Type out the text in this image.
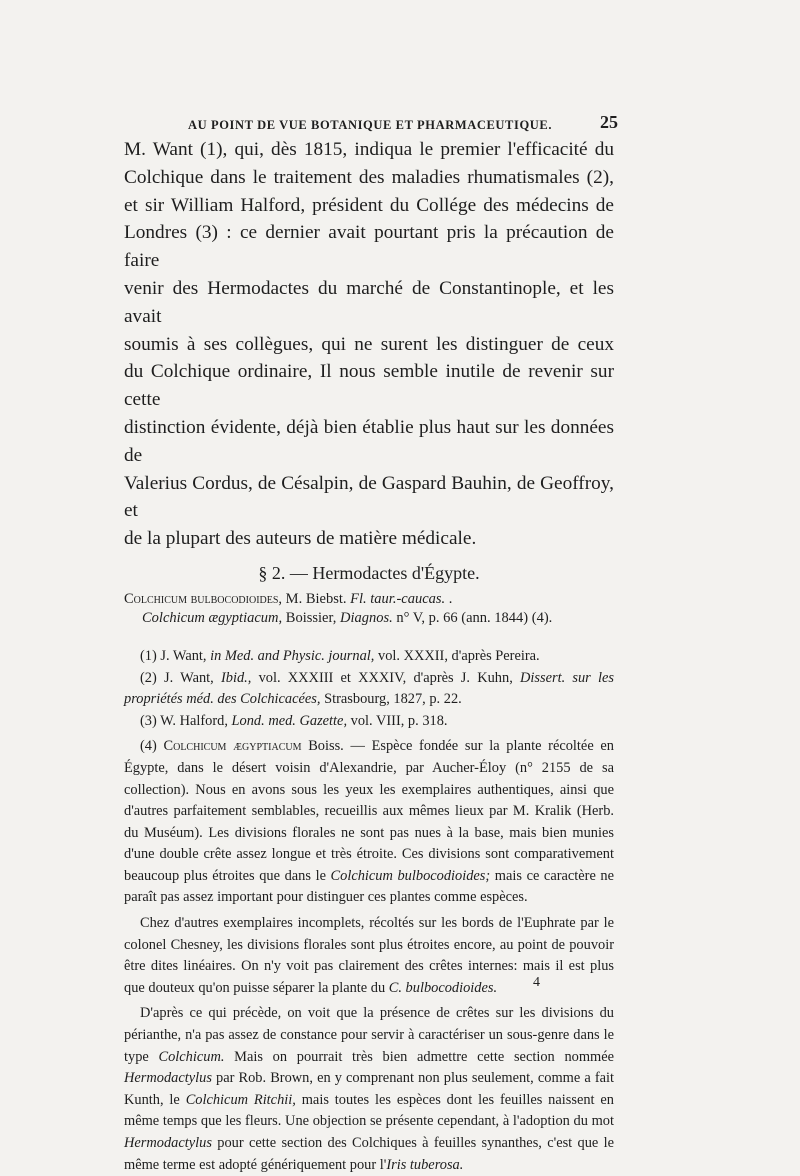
AU POINT DE VUE BOTANIQUE ET PHARMACEUTIQUE.	25

M. Want (1), qui, dès 1815, indiqua le premier l'efficacité du

Colchique dans le traitement des maladies rhumatismales (2),

et sir William Halford, président du Collége des médecins de

Londres (3) : ce dernier avait pourtant pris la précaution de faire

venir des Hermodactes du marché de Constantinople, et les avait

soumis à ses collègues, qui ne surent les distinguer de ceux

du Colchique ordinaire, Il nous semble inutile de revenir sur cette

distinction évidente, déjà bien établie plus haut sur les données de

Valerius Cordus, de Césalpin, de Gaspard Bauhin, de Geoffroy, et

de la plupart des auteurs de matière médicale.

§ 2. — Hermodactes d'Égypte.

Colchicum bulbocodioides, M. Biebst. Fl. taur.-caucas. .

Colchicum ægyptiacum, Boissier, Diagnos. n° V, p. 66 (ann. 1844) (4).

(1) J. Want, in Med. and Physic. journal, vol. XXXII, d'après Pereira.

(2) J. Want, Ibid., vol. XXXIII et XXXIV, d'après J. Kuhn, Dissert. sur les propriétés méd. des Colchicacées, Strasbourg, 1827, p. 22.

(3) W. Halford, Lond. med. Gazette, vol. VIII, p. 318.

(4) Colchicum ægyptiacum Boiss. — Espèce fondée sur la plante récoltée en Égypte, dans le désert voisin d'Alexandrie, par Aucher-Éloy (n° 2155 de sa collection). Nous en avons sous les yeux les exemplaires authentiques, ainsi que d'autres parfaitement semblables, recueillis aux mêmes lieux par M. Kralik (Herb. du Muséum). Les divisions florales ne sont pas nues à la base, mais bien munies d'une double crête assez longue et très étroite. Ces divisions sont comparativement beaucoup plus étroites que dans le Colchicum bulbocodioides; mais ce caractère ne paraît pas assez important pour distinguer ces plantes comme espèces.

Chez d'autres exemplaires incomplets, récoltés sur les bords de l'Euphrate par le colonel Chesney, les divisions florales sont plus étroites encore, au point de pouvoir être dites linéaires. On n'y voit pas clairement des crêtes internes: mais il est plus que douteux qu'on puisse séparer la plante du C. bulbocodioides.

D'après ce qui précède, on voit que la présence de crêtes sur les divisions du périanthe, n'a pas assez de constance pour servir à caractériser un sous-genre dans le type Colchicum. Mais on pourrait très bien admettre cette section nommée Hermodactylus par Rob. Brown, en y comprenant non plus seulement, comme a fait Kunth, le Colchicum Ritchii, mais toutes les espèces dont les feuilles naissent en même temps que les fleurs. Une objection se présente cependant, à l'adoption du mot Hermodactylus pour cette section des Colchiques à feuilles synanthes, c'est que le même terme est adopté génériquement pour l'Iris tuberosa.

4
